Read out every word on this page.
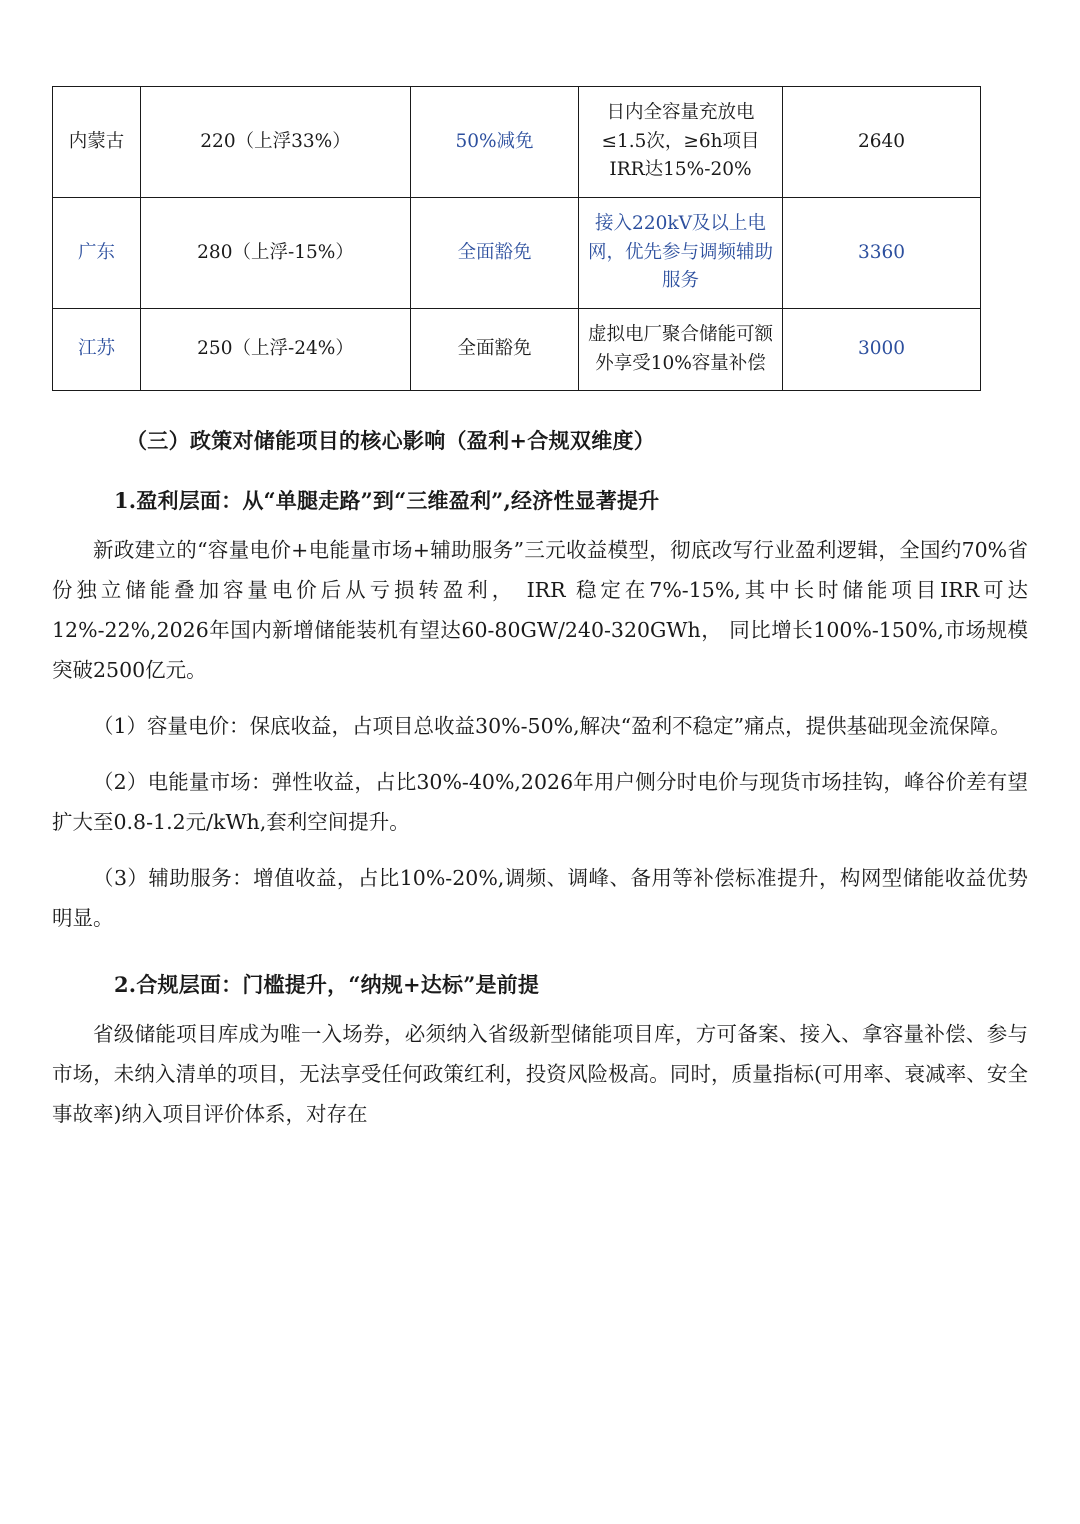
内蒙古	220（上浮33%）	50%减免	日内全容量充放电≤1.5次，≥6h项目IRR达15%-20%	2640
广东	280（上浮-15%）	全面豁免	接入220kV及以上电网，优先参与调频辅助服务	3360
江苏	250（上浮-24%）	全面豁免	虚拟电厂聚合储能可额外享受10%容量补偿	3000
（三）政策对储能项目的核心影响（盈利+合规双维度）
1.盈利层面：从“单腿走路”到“三维盈利”,经济性显著提升

新政建立的“容量电价+电能量市场+辅助服务”三元收益模型，彻底改写行业盈利逻辑，全国约70%省份独立储能叠加容量电价后从亏损转盈利， IRR 稳定在7%-15%,其中长时储能项目IRR可达12%-22%,2026年国内新增储能装机有望达60-80GW/240-320GWh， 同比增长100%-150%,市场规模突破2500亿元。

（1）容量电价：保底收益，占项目总收益30%-50%,解决“盈利不稳定”痛点，提供基础现金流保障。

（2）电能量市场：弹性收益，占比30%-40%,2026年用户侧分时电价与现货市场挂钩，峰谷价差有望扩大至0.8-1.2元/kWh,套利空间提升。

（3）辅助服务：增值收益，占比10%-20%,调频、调峰、备用等补偿标准提升，构网型储能收益优势明显。

2.合规层面：门槛提升，“纳规+达标”是前提

省级储能项目库成为唯一入场券，必须纳入省级新型储能项目库，方可备案、接入、拿容量补偿、参与市场，未纳入清单的项目，无法享受任何政策红利，投资风险极高。同时，质量指标(可用率、衰减率、安全事故率)纳入项目评价体系，对存在
